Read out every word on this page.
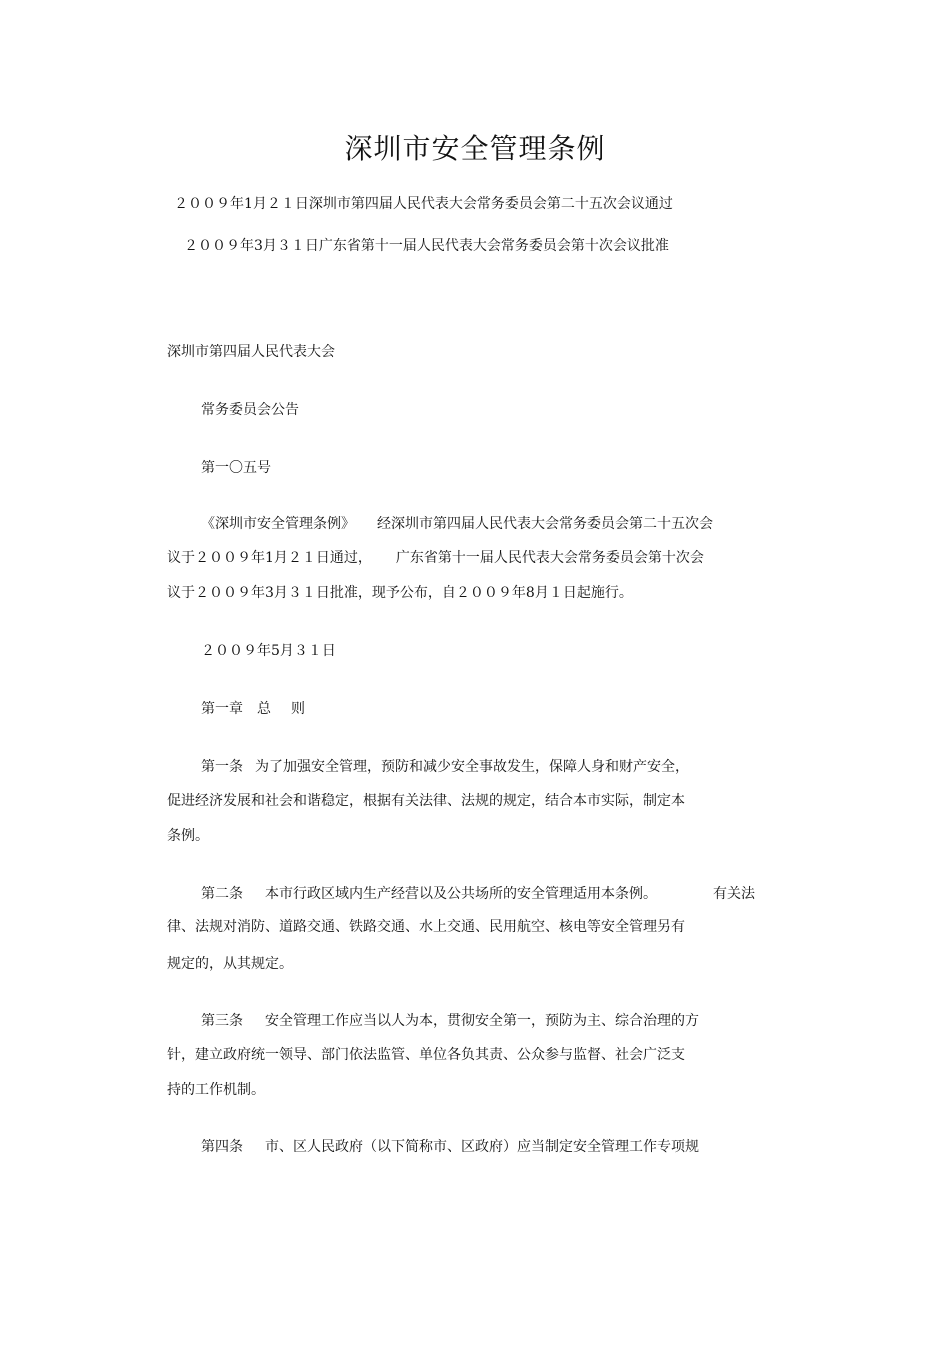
深圳市安全管理条例
２００９年1月２１日深圳市第四届人民代表大会常务委员会第二十五次会议通过
２００９年3月３１日广东省第十一届人民代表大会常务委员会第十次会议批准
深圳市第四届人民代表大会
常务委员会公告
第一〇五号
《深圳市安全管理条例》 经深圳市第四届人民代表大会常务委员会第二十五次会
议于２００９年1月２１日通过， 广东省第十一届人民代表大会常务委员会第十次会
议于２００９年3月３１日批准，现予公布，自２００９年8月１日起施行。
２００９年5月３１日
第一章 总 则
第一条 为了加强安全管理，预防和减少安全事故发生，保障人身和财产安全，
促进经济发展和社会和谐稳定，根据有关法律、法规的规定，结合本市实际，制定本
条例。
第二条 本市行政区域内生产经营以及公共场所的安全管理适用本条例。	有关法
律、法规对消防、道路交通、铁路交通、水上交通、民用航空、核电等安全管理另有
规定的，从其规定。
第三条 安全管理工作应当以人为本，贯彻安全第一，预防为主、综合治理的方
针，建立政府统一领导、部门依法监管、单位各负其责、公众参与监督、社会广泛支
持的工作机制。
第四条 市、区人民政府（以下简称市、区政府）应当制定安全管理工作专项规
